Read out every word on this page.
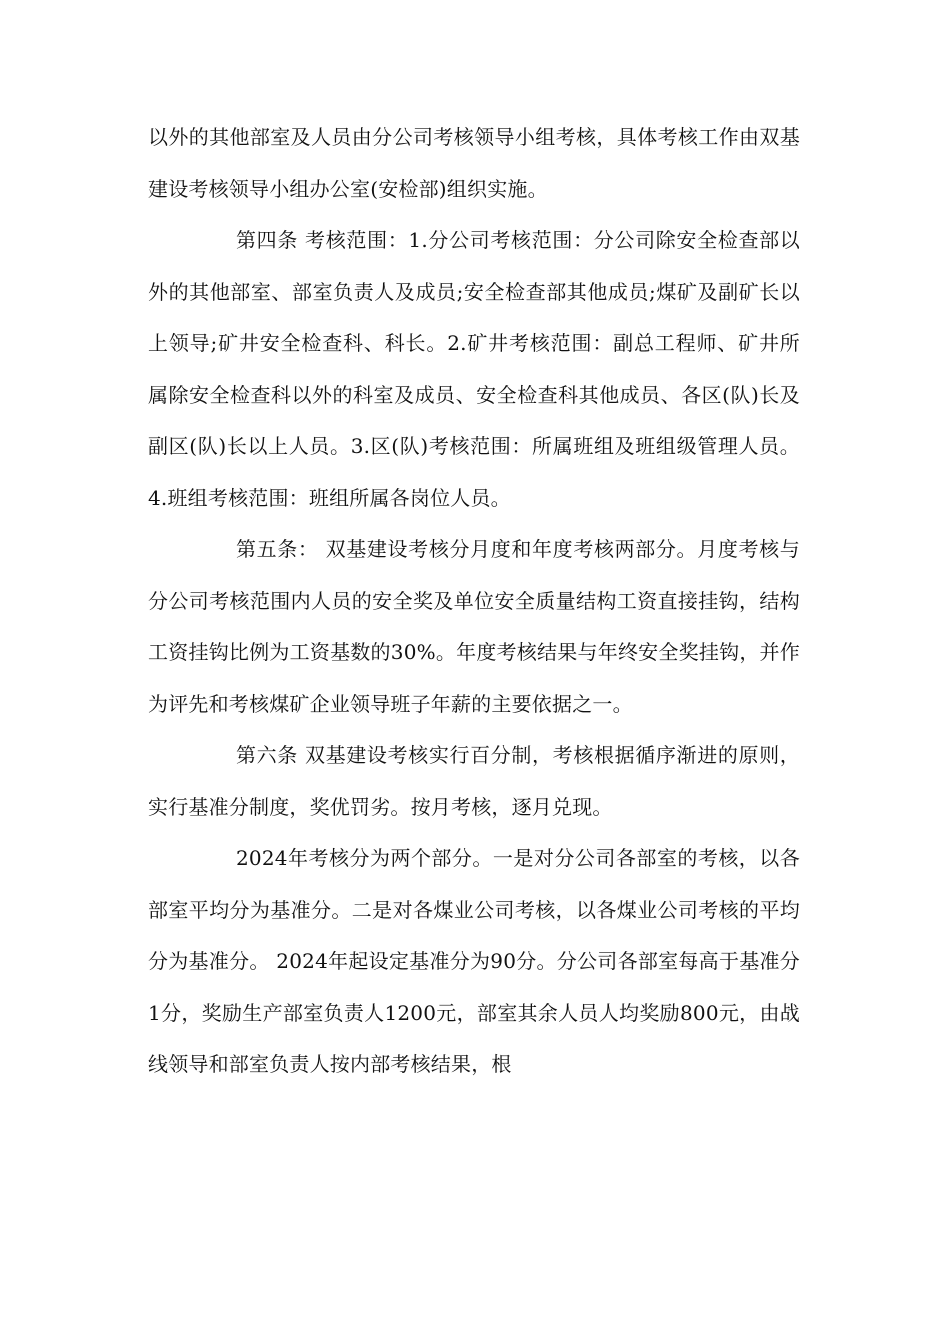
以外的其他部室及人员由分公司考核领导小组考核，具体考核工作由双基建设考核领导小组办公室(安检部)组织实施。

第四条 考核范围：1.分公司考核范围：分公司除安全检查部以外的其他部室、部室负责人及成员;安全检查部其他成员;煤矿及副矿长以上领导;矿井安全检查科、科长。2.矿井考核范围：副总工程师、矿井所属除安全检查科以外的科室及成员、安全检查科其他成员、各区(队)长及副区(队)长以上人员。3.区(队)考核范围：所属班组及班组级管理人员。4.班组考核范围：班组所属各岗位人员。

第五条： 双基建设考核分月度和年度考核两部分。月度考核与分公司考核范围内人员的安全奖及单位安全质量结构工资直接挂钩，结构工资挂钩比例为工资基数的30%。年度考核结果与年终安全奖挂钩，并作为评先和考核煤矿企业领导班子年薪的主要依据之一。

第六条 双基建设考核实行百分制，考核根据循序渐进的原则，实行基准分制度，奖优罚劣。按月考核，逐月兑现。

2024年考核分为两个部分。一是对分公司各部室的考核，以各部室平均分为基准分。二是对各煤业公司考核，以各煤业公司考核的平均分为基准分。 2024年起设定基准分为90分。分公司各部室每高于基准分1分，奖励生产部室负责人1200元，部室其余人员人均奖励800元，由战线领导和部室负责人按内部考核结果，根
